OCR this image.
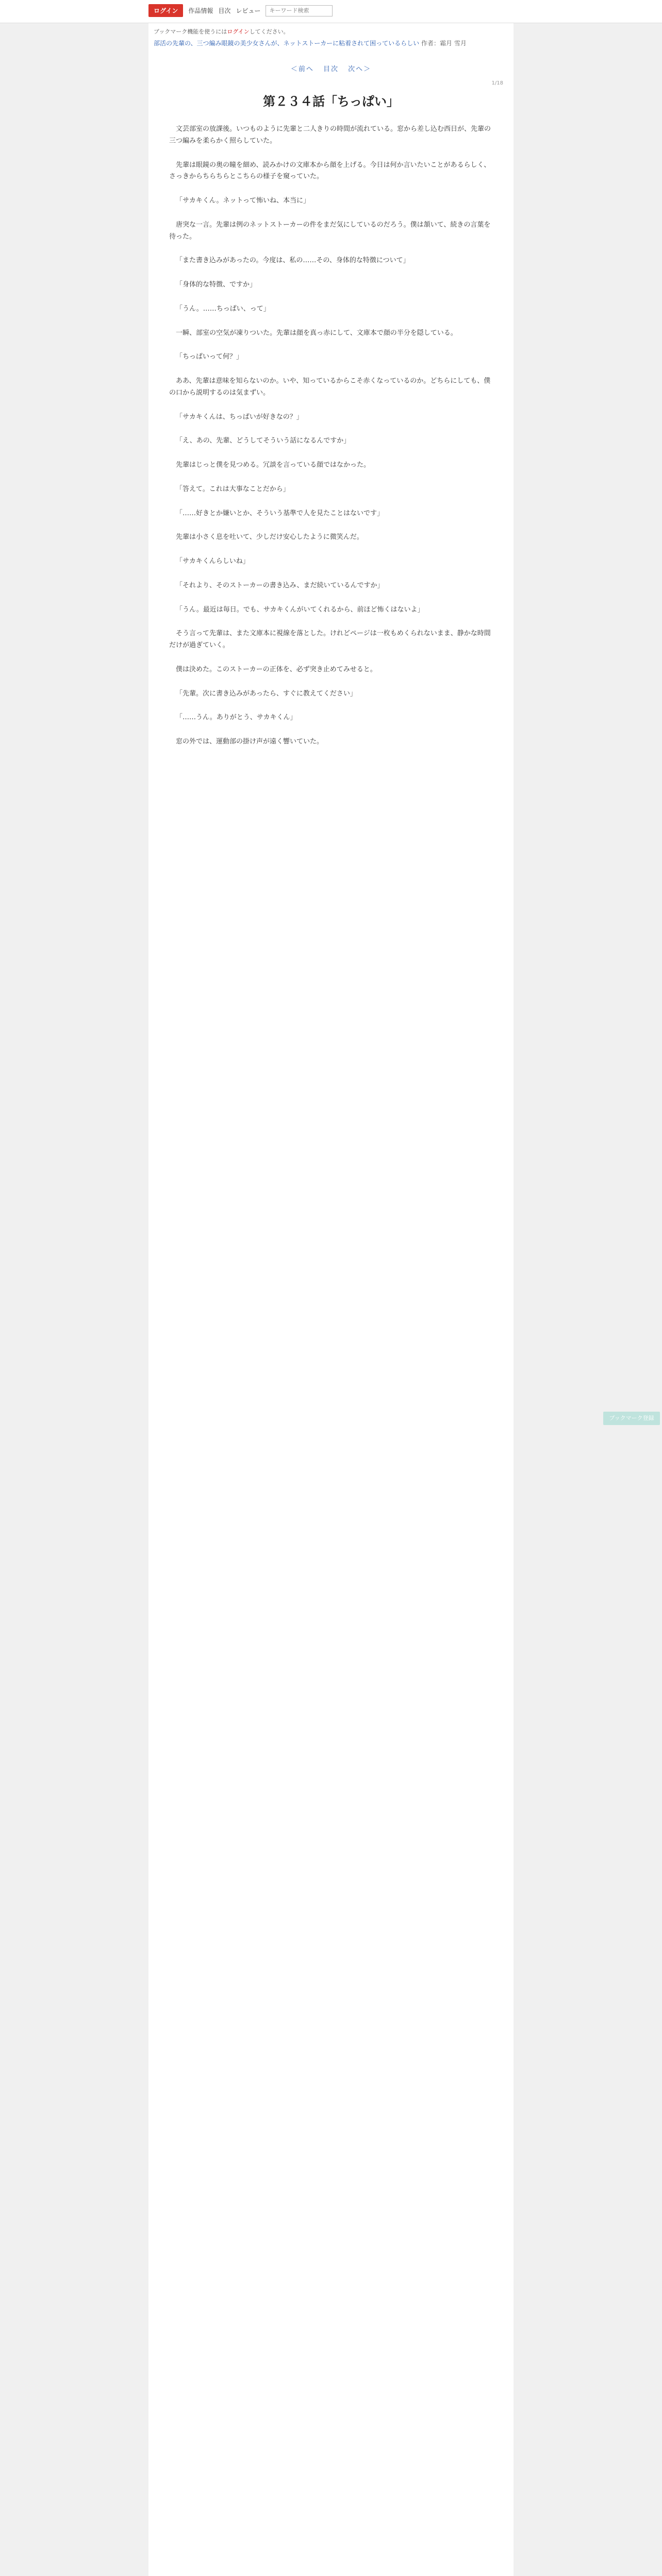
ログイン	作品情報 目次 レビュー
キーワード検索
ブックマーク機能を使うにはログインしてください。
部活の先輩の、三つ編み眼鏡の美少女さんが、ネットストーカーに粘着されて困っているらしい 作者：霜月 雪月
＜前へ 目次 次へ＞
1/18
第２３４話「ちっぱい」

文芸部室の放課後。いつものように先輩と二人きりの時間が流れている。窓から差し込む西日が、先輩の三つ編みを柔らかく照らしていた。

先輩は眼鏡の奥の瞳を細め、読みかけの文庫本から顔を上げる。今日は何か言いたいことがあるらしく、さっきからちらちらとこちらの様子を窺っていた。

「サカキくん。ネットって怖いね、本当に」

唐突な一言。先輩は例のネットストーカーの件をまだ気にしているのだろう。僕は頷いて、続きの言葉を待った。

「また書き込みがあったの。今度は、私の……その、身体的な特徴について」

「身体的な特徴、ですか」

「うん。……ちっぱい、って」

一瞬、部室の空気が凍りついた。先輩は顔を真っ赤にして、文庫本で顔の半分を隠している。

「ちっぱいって何？」

ああ、先輩は意味を知らないのか。いや、知っているからこそ赤くなっているのか。どちらにしても、僕の口から説明するのは気まずい。

「サカキくんは、ちっぱいが好きなの？」

「え、あの、先輩、どうしてそういう話になるんですか」

先輩はじっと僕を見つめる。冗談を言っている顔ではなかった。

「答えて。これは大事なことだから」

「……好きとか嫌いとか、そういう基準で人を見たことはないです」

先輩は小さく息を吐いて、少しだけ安心したように微笑んだ。

「サカキくんらしいね」

「それより、そのストーカーの書き込み、まだ続いているんですか」

「うん。最近は毎日。でも、サカキくんがいてくれるから、前ほど怖くはないよ」

そう言って先輩は、また文庫本に視線を落とした。けれどページは一枚もめくられないまま、静かな時間だけが過ぎていく。

僕は決めた。このストーカーの正体を、必ず突き止めてみせると。

「先輩。次に書き込みがあったら、すぐに教えてください」

「……うん。ありがとう、サカキくん」

窓の外では、運動部の掛け声が遠く響いていた。

ブックマーク登録
